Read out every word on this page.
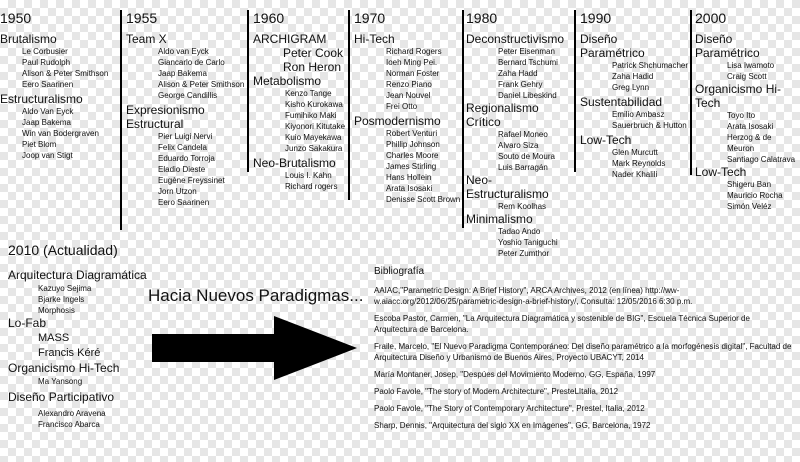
1950
Brutalismo
Le Corbusier
Paul Rudolph
Alison & Peter Smithson
Eero Saarinen
Estructuralismo
Aldo Van Eyck
Jaap Bakema
Win van Bodergraven
Piet Blom
Joop van Stigt
1955
Team X
Aldo van Eyck
Giancarlo de Carlo
Jaap Bakema
Alison & Peter Smithson
George Candillis
Expresionismo Estructural
Pier Luigi Nervi
Felix Candela
Eduardo Torroja
Eladio Dieste
Eugène Freyssinet
Jorn Utzon
Eero Saarinen
1960
ARCHIGRAM
Peter Cook
Ron Heron
Metabolismo
Kenzo Tange
Kisho Kurokawa
Fumihiko Maki
Kiyonori Kitutake
Kuio Mayekawa
Junzo Sakakura
Neo-Brutalismo
Louis I. Kahn
Richard rogers
1970
Hi-Tech
Richard Rogers
Ioeh Ming Pei.
Norman Foster
Renzo Piano
Jean Nouvel
Frei Otto
Posmodernismo
Robert Venturi
Phillip Johnson
Charles Moore
James Stirling
Hans Hollein
Arata Isosaki
Denisse Scott Brown
1980
Deconstructivismo
Peter Eisenman
Bernard Tschumi
Zaha Hadd
Frank Gehry
Daniel Libeskind
Regionalismo Crítico
Rafael Moneo
Alvaro Siza
Souto de Moura
Luis Barragán
Neo-Estructuralismo
Rem Koolhas
Minimalismo
Tadao Ando
Yoshio Taniguchi
Peter Zumthor
1990
Diseño Paramétrico
Patrick Shchumacher
Zaha Hadid
Greg Lynn
Sustentabilidad
Emilio Ambasz
Sauerbruch & Hutton
Low-Tech
Glen Murcutt
Mark Reynolds
Nader Khalili
2000
Diseño Paramétrico
Lisa Iwamoto
Craig Scott
Organicismo Hi-Tech
Toyo Ito
Arata Isosaki
Herzog & de Meuron
Santiago Calatrava
Low-Tech
Shigeru Ban
Mauricio Rocha
Simón Veléz
2010 (Actualidad)
Arquitectura Diagramática
Kazuyo Sejima
Bjarke Ingels
Morphosis
Lo-Fab
MASS
Francis Kéré
Organicismo Hi-Tech
Ma Yansong
Diseño Participativo
Alexandro Aravena
Francisco Abarca
Hacia Nuevos Paradigmas...
Bibliografía
AAIAC,"Parametric Design: A Brief History", ARCA Archives, 2012 (en línea) http://ww-w.aiacc.org/2012/06/25/parametric-design-a-brief-history/, Consulta: 12/05/2016 6:30 p.m.
Escoba Pastor, Carmen, "La Arquitectura Diagramática y sostenible de BIG", Escuela Técnica Superior de Arquitectura de Barcelona.
Fraile, Marcelo, "El Nuevo Paradigma Contemporáneo: Del diseño paramétrico a la morfogénesis digital", Facultad de Arquitectura Diseño y Urbanismo de Buenos Aires, Proyecto UBACYT, 2014
María Montaner, Josep, "Despúes del Movimiento Moderno, GG, España, 1997
Paolo Favole, "The story of Modern Architecture", PresteLItalia, 2012
Paolo Favole, "The Story of Contemporary Architecture", Prestel, Italia, 2012
Sharp, Dennis, "Arquitectura del siglo XX en Imágenes", GG, Barcelona, 1972
